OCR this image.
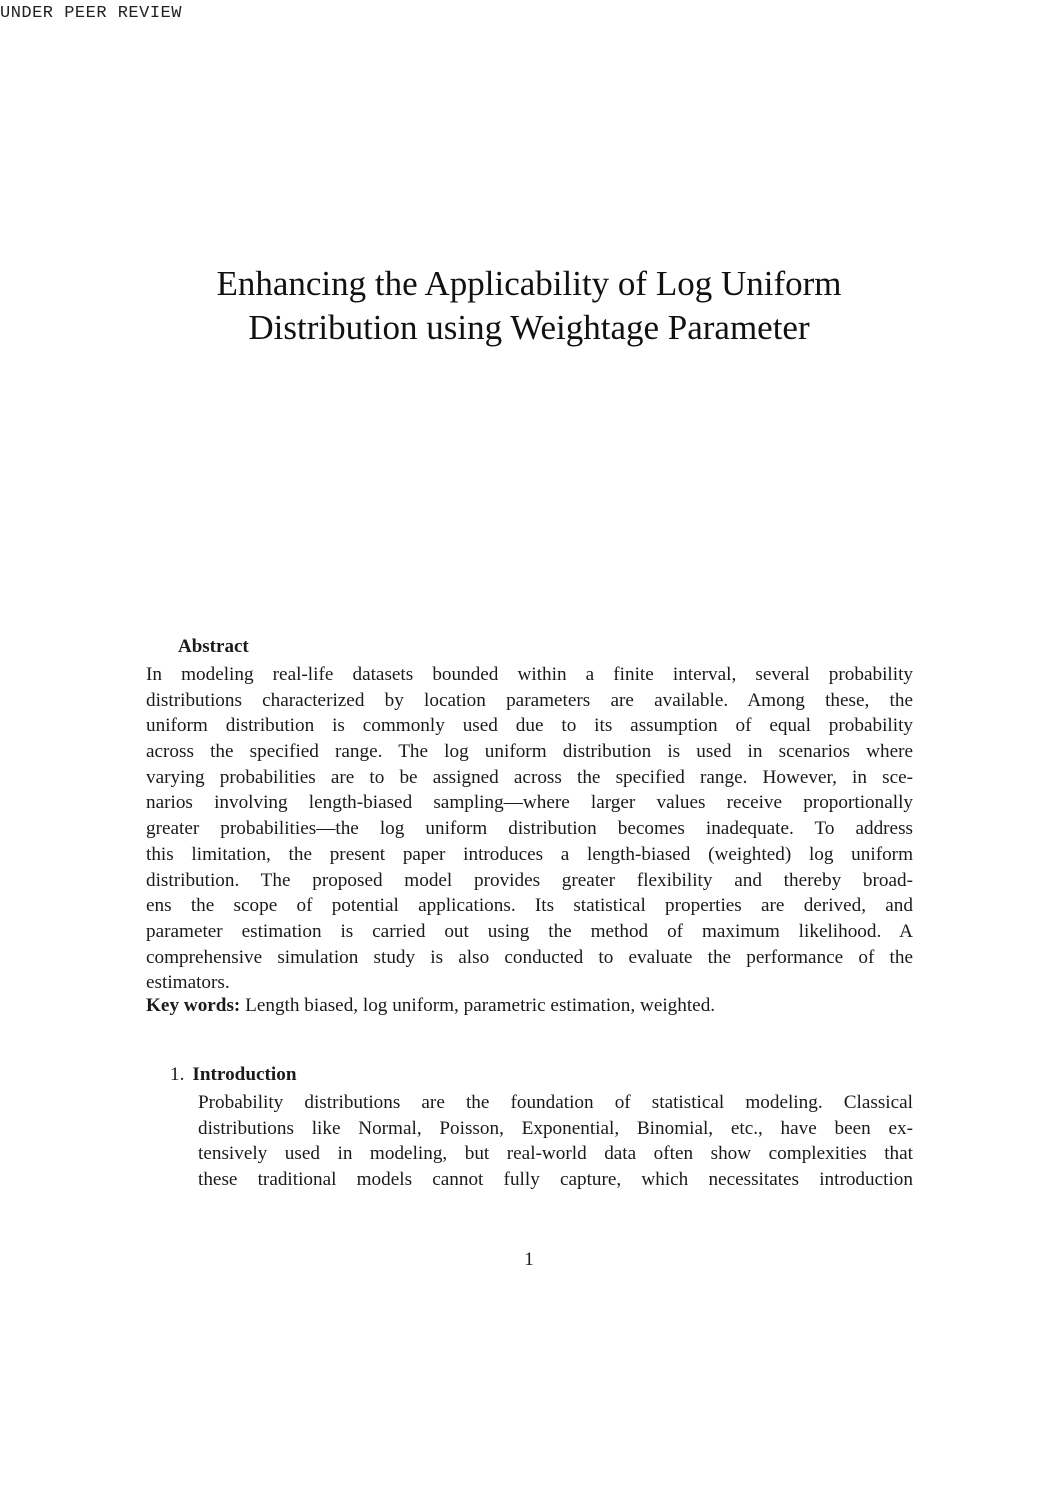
UNDER PEER REVIEW
Enhancing the Applicability of Log Uniform
Distribution using Weightage Parameter
Abstract
In modeling real-life datasets bounded within a finite interval, several probability
distributions characterized by location parameters are available. Among these, the
uniform distribution is commonly used due to its assumption of equal probability
across the specified range. The log uniform distribution is used in scenarios where
varying probabilities are to be assigned across the specified range. However, in sce-
narios involving length-biased sampling—where larger values receive proportionally
greater probabilities—the log uniform distribution becomes inadequate. To address
this limitation, the present paper introduces a length-biased (weighted) log uniform
distribution. The proposed model provides greater flexibility and thereby broad-
ens the scope of potential applications. Its statistical properties are derived, and
parameter estimation is carried out using the method of maximum likelihood. A
comprehensive simulation study is also conducted to evaluate the performance of the
estimators.
Key words: Length biased, log uniform, parametric estimation, weighted.
1. Introduction
Probability distributions are the foundation of statistical modeling. Classical
distributions like Normal, Poisson, Exponential, Binomial, etc., have been ex-
tensively used in modeling, but real-world data often show complexities that
these traditional models cannot fully capture, which necessitates introduction
1
